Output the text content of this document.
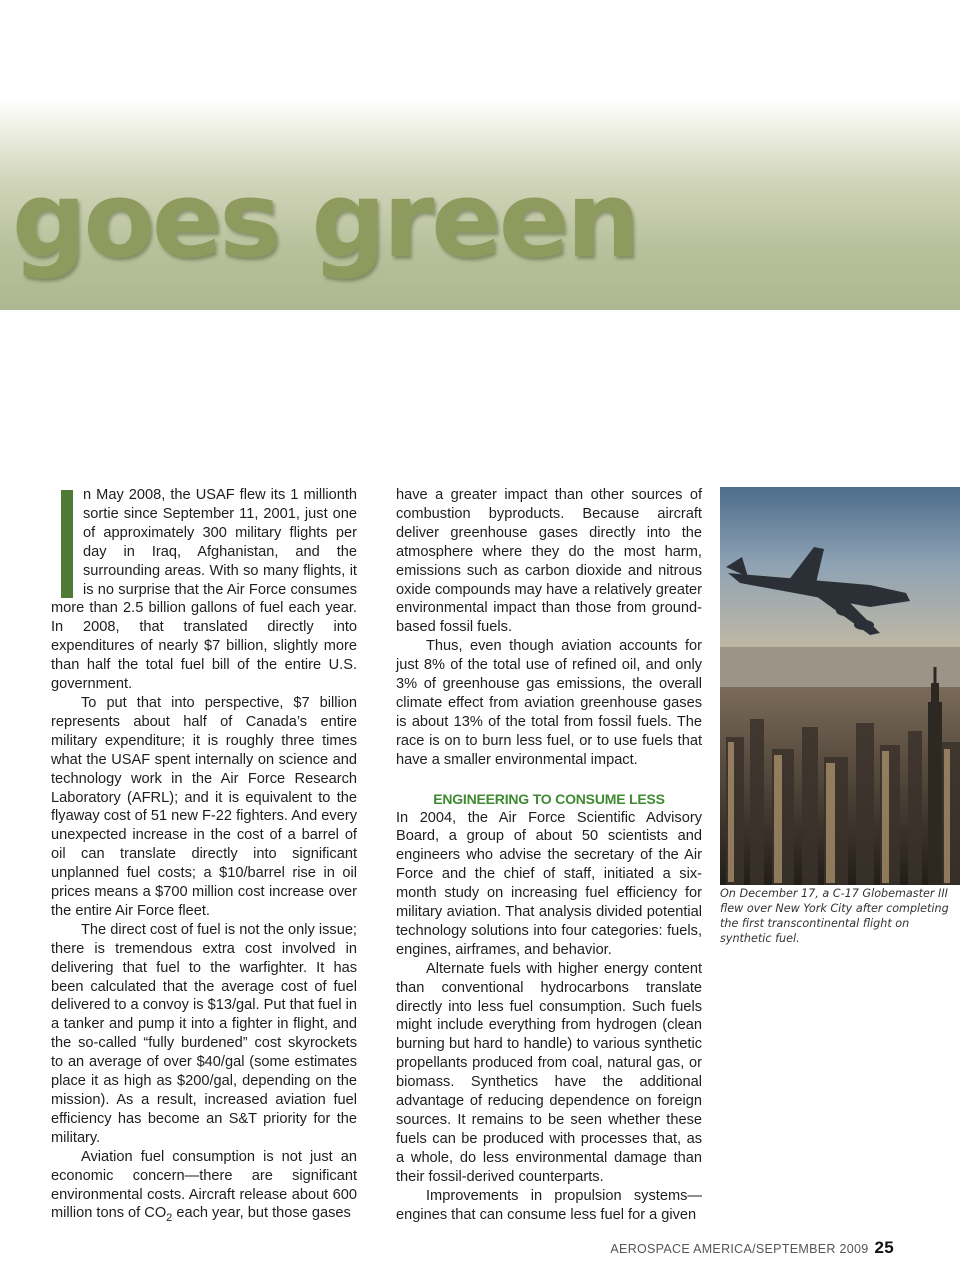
goes green

n May 2008, the USAF flew its 1 millionth sortie since September 11, 2001, just one of approximately 300 military flights per day in Iraq, Afghanistan, and the surrounding areas. With so many flights, it is no surprise that the Air Force consumes more than 2.5 billion gallons of fuel each year. In 2008, that translated directly into expenditures of nearly $7 billion, slightly more than half the total fuel bill of the entire U.S. government.

To put that into perspective, $7 billion represents about half of Canada’s entire military expenditure; it is roughly three times what the USAF spent internally on science and technology work in the Air Force Research Laboratory (AFRL); and it is equivalent to the flyaway cost of 51 new F-22 fighters. And every unexpected increase in the cost of a barrel of oil can translate directly into significant unplanned fuel costs; a $10/barrel rise in oil prices means a $700 million cost increase over the entire Air Force fleet.

The direct cost of fuel is not the only issue; there is tremendous extra cost involved in delivering that fuel to the warfighter. It has been calculated that the average cost of fuel delivered to a convoy is $13/gal. Put that fuel in a tanker and pump it into a fighter in flight, and the so-called “fully burdened” cost skyrockets to an average of over $40/gal (some estimates place it as high as $200/gal, depending on the mission). As a result, increased aviation fuel efficiency has become an S&T priority for the military.

Aviation fuel consumption is not just an economic concern—there are significant environmental costs. Aircraft release about 600 million tons of $CO_2$ each year, but those gases

have a greater impact than other sources of combustion byproducts. Because aircraft deliver greenhouse gases directly into the atmosphere where they do the most harm, emissions such as carbon dioxide and nitrous oxide compounds may have a relatively greater environmental impact than those from ground-based fossil fuels.

Thus, even though aviation accounts for just 8% of the total use of refined oil, and only 3% of greenhouse gas emissions, the overall climate effect from aviation greenhouse gases is about 13% of the total from fossil fuels. The race is on to burn less fuel, or to use fuels that have a smaller environmental impact.

ENGINEERING TO CONSUME LESS

In 2004, the Air Force Scientific Advisory Board, a group of about 50 scientists and engineers who advise the secretary of the Air Force and the chief of staff, initiated a six-month study on increasing fuel efficiency for military aviation. That analysis divided potential technology solutions into four categories: fuels, engines, airframes, and behavior.

Alternate fuels with higher energy content than conventional hydrocarbons translate directly into less fuel consumption. Such fuels might include everything from hydrogen (clean burning but hard to handle) to various synthetic propellants produced from coal, natural gas, or biomass. Synthetics have the additional advantage of reducing dependence on foreign sources. It remains to be seen whether these fuels can be produced with processes that, as a whole, do less environmental damage than their fossil-derived counterparts.

Improvements in propulsion systems—engines that can consume less fuel for a given

On December 17, a C-17 Globemaster III flew over New York City after completing the first transcontinental flight on synthetic fuel.

AEROSPACE AMERICA/SEPTEMBER 2009 25
